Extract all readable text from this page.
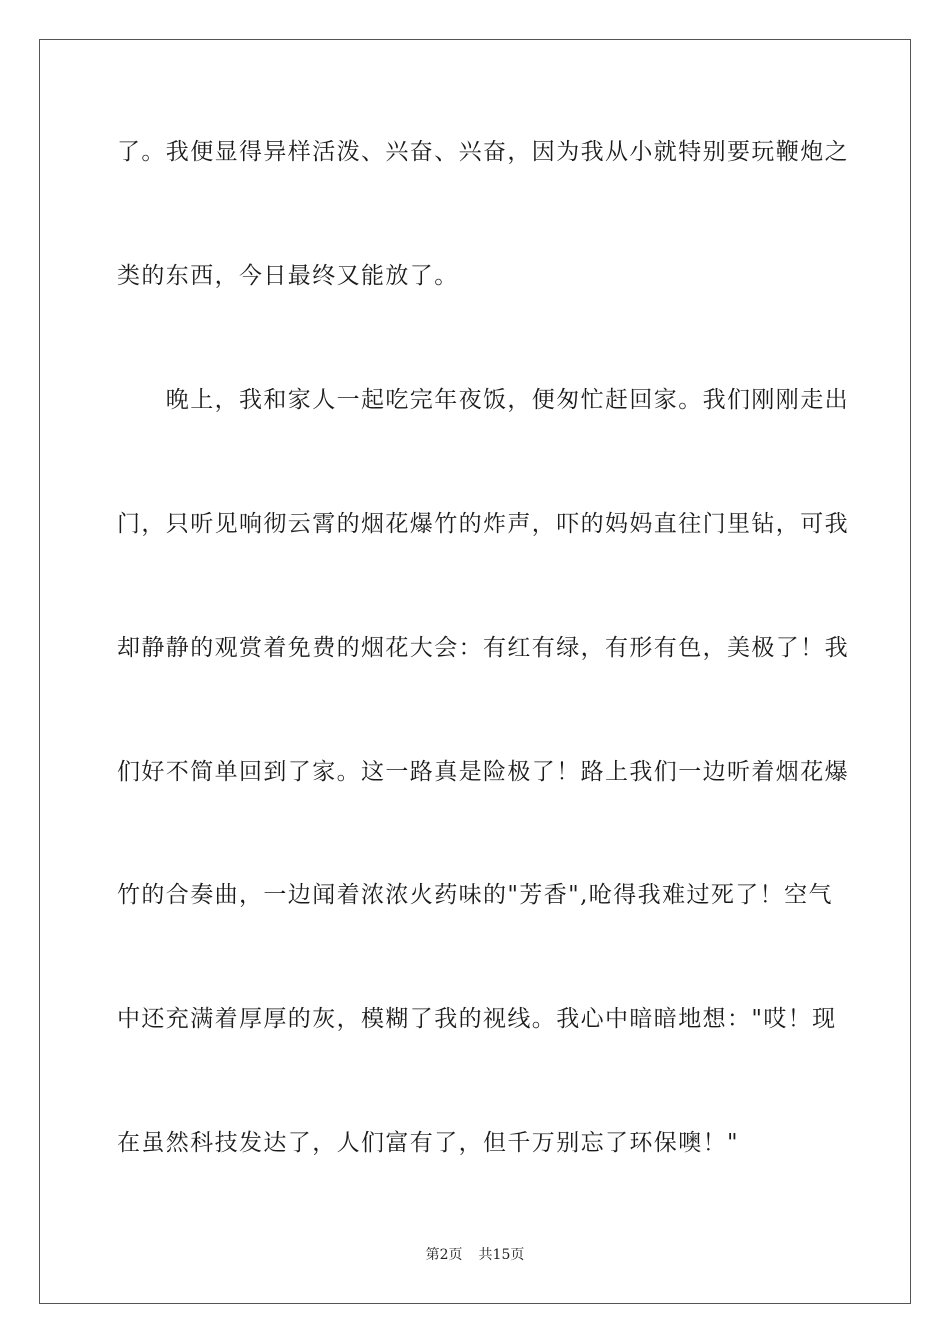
了。我便显得异样活泼、兴奋、兴奋，因为我从小就特别要玩鞭炮之
类的东西，今日最终又能放了。
　　晚上，我和家人一起吃完年夜饭，便匆忙赶回家。我们刚刚走出
门，只听见响彻云霄的烟花爆竹的炸声，吓的妈妈直往门里钻，可我
却静静的观赏着免费的烟花大会：有红有绿，有形有色，美极了！我
们好不简单回到了家。这一路真是险极了！路上我们一边听着烟花爆
竹的合奏曲，一边闻着浓浓火药味的"芳香",呛得我难过死了！空气
中还充满着厚厚的灰，模糊了我的视线。我心中暗暗地想："哎！现
在虽然科技发达了，人们富有了，但千万别忘了环保噢！"
第2页 共15页
